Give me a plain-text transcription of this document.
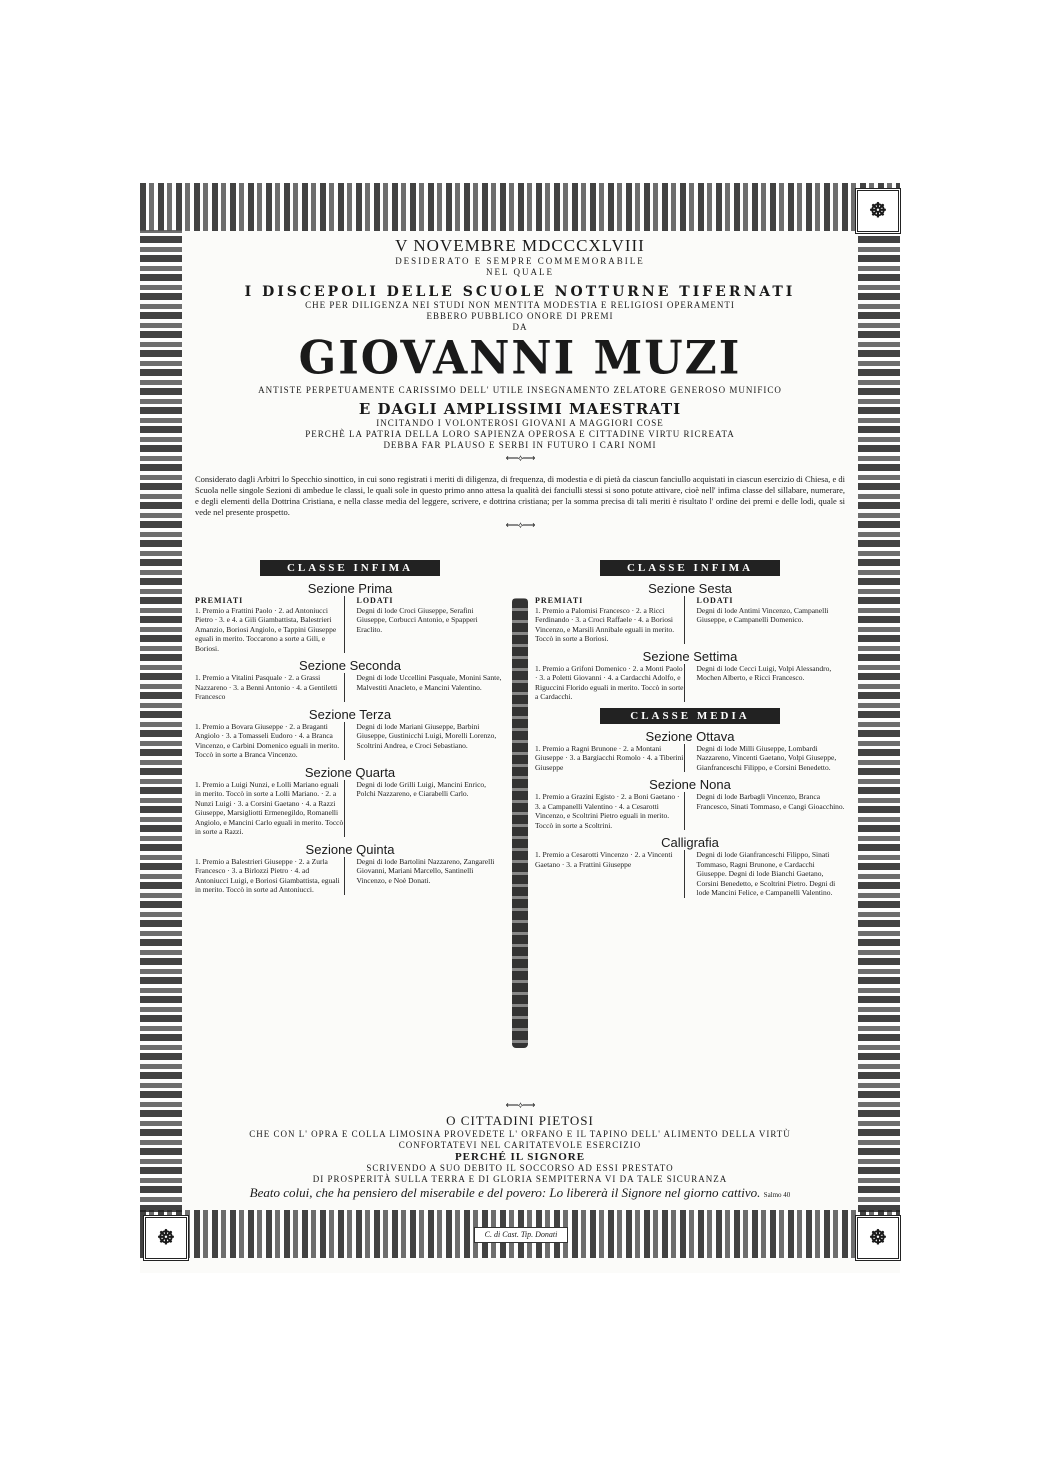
☸
☸	☸
V NOVEMBRE MDCCCXLVIII
DESIDERATO E SEMPRE COMMEMORABILE
NEL QUALE
I DISCEPOLI DELLE SCUOLE NOTTURNE TIFERNATI
CHE PER DILIGENZA NEI STUDI NON MENTITA MODESTIA E RELIGIOSI OPERAMENTI
EBBERO PUBBLICO ONORE DI PREMI
DA
GIOVANNI MUZI
ANTISTE PERPETUAMENTE CARISSIMO DELL' UTILE INSEGNAMENTO ZELATORE GENEROSO MUNIFICO
E DAGLI AMPLISSIMI MAESTRATI
INCITANDO I VOLONTEROSI GIOVANI A MAGGIORI COSE
PERCHÈ LA PATRIA DELLA LORO SAPIENZA OPEROSA E CITTADINE VIRTU RICREATA
DEBBA FAR PLAUSO E SERBI IN FUTURO I CARI NOMI
⟵⟡⟶
Considerato dagli Arbitri lo Specchio sinottico, in cui sono registrati i meriti di diligenza, di frequenza, di modestia e di pietà da ciascun fanciullo acquistati in ciascun esercizio di Chiesa, e di Scuola nelle singole Sezioni di ambedue le classi, le quali sole in questo primo anno attesa la qualità dei fanciulli stessi si sono potute attivare, cioè nell' infima classe del sillabare, numerare, e degli elementi della Dottrina Cristiana, e nella classe media del leggere, scrivere, e dottrina cristiana; per la somma precisa di tali meriti è risultato l' ordine dei premi e delle lodi, quale si vede nel presente prospetto.
⟵⟡⟶
CLASSE INFIMA
Sezione Prima
PREMIATI
1. Premio a Frattini Paolo · 2. ad Antoniucci Pietro · 3. e 4. a Gili Giambattista, Balestrieri Amanzio, Boriosi Angiolo, e Tappini Giuseppe eguali in merito. Toccarono a sorte a Gili, e Boriosi.
LODATI
Degni di lode Croci Giuseppe, Serafini Giuseppe, Corbucci Antonio, e Spapperi Eraclito.
Sezione Seconda
1. Premio a Vitalini Pasquale · 2. a Grassi Nazzareno · 3. a Benni Antonio · 4. a Gentiletti Francesco
Degni di lode Uccellini Pasquale, Monini Sante, Malvestiti Anacleto, e Mancini Valentino.
Sezione Terza
1. Premio a Bovara Giuseppe · 2. a Braganti Angiolo · 3. a Tomasseli Eudoro · 4. a Branca Vincenzo, e Carbini Domenico eguali in merito. Toccò in sorte a Branca Vincenzo.
Degni di lode Mariani Giuseppe, Barbini Giuseppe, Gustinicchi Luigi, Morelli Lorenzo, Scoltrini Andrea, e Croci Sebastiano.
Sezione Quarta
1. Premio a Luigi Nunzi, e Lolli Mariano eguali in merito. Toccò in sorte a Lolli Mariano. · 2. a Nunzi Luigi · 3. a Corsini Gaetano · 4. a Razzi Giuseppe, Marsigliotti Ermenegildo, Romanelli Angiolo, e Mancini Carlo eguali in merito. Toccò in sorte a Razzi.
Degni di lode Grilli Luigi, Mancini Enrico, Polchi Nazzareno, e Ciarabelli Carlo.
Sezione Quinta
1. Premio a Balestrieri Giuseppe · 2. a Zurla Francesco · 3. a Birlozzi Pietro · 4. ad Antoniucci Luigi, e Boriosi Giambattista, eguali in merito. Toccò in sorte ad Antoniucci.
Degni di lode Bartolini Nazzareno, Zangarelli Giovanni, Mariani Marcello, Santinelli Vincenzo, e Noè Donati.
CLASSE INFIMA
Sezione Sesta
PREMIATI
1. Premio a Palomisi Francesco · 2. a Ricci Ferdinando · 3. a Croci Raffaele · 4. a Boriosi Vincenzo, e Marsili Annibale eguali in merito. Toccò in sorte a Boriosi.
LODATI
Degni di lode Antimi Vincenzo, Campanelli Giuseppe, e Campanelli Domenico.
Sezione Settima
1. Premio a Grifoni Domenico · 2. a Monti Paolo · 3. a Poletti Giovanni · 4. a Cardacchi Adolfo, e Riguccini Florido eguali in merito. Toccò in sorte a Cardacchi.
Degni di lode Cecci Luigi, Volpi Alessandro, Mochen Alberto, e Ricci Francesco.
CLASSE MEDIA
Sezione Ottava
1. Premio a Ragni Brunone · 2. a Montani Giuseppe · 3. a Bargiacchi Romolo · 4. a Tiberini Giuseppe
Degni di lode Milli Giuseppe, Lombardi Nazzareno, Vincenti Gaetano, Volpi Giuseppe, Gianfranceschi Filippo, e Corsini Benedetto.
Sezione Nona
1. Premio a Grazini Egisto · 2. a Boni Gaetano · 3. a Campanelli Valentino · 4. a Cesarotti Vincenzo, e Scoltrini Pietro eguali in merito. Toccò in sorte a Scoltrini.
Degni di lode Barbagli Vincenzo, Branca Francesco, Sinati Tommaso, e Cangi Gioacchino.
Calligrafia
1. Premio a Cesarotti Vincenzo · 2. a Vincenti Gaetano · 3. a Frattini Giuseppe
Degni di lode Gianfranceschi Filippo, Sinati Tommaso, Ragni Brunone, e Cardacchi Giuseppe. Degni di lode Bianchi Gaetano, Corsini Benedetto, e Scoltrini Pietro. Degni di lode Mancini Felice, e Campanelli Valentino.
⟵⟡⟶
O CITTADINI PIETOSI
CHE CON L' OPRA E COLLA LIMOSINA PROVEDETE L' ORFANO E IL TAPINO DELL' ALIMENTO DELLA VIRTÙ
CONFORTATEVI NEL CARITATEVOLE ESERCIZIO
PERCHÉ IL SIGNORE
SCRIVENDO A SUO DEBITO IL SOCCORSO AD ESSI PRESTATO
DI PROSPERITÀ SULLA TERRA E DI GLORIA SEMPITERNA VI DA TALE SICURANZA
Beato colui, che ha pensiero del miserabile e del povero: Lo libererà il Signore nel giorno cattivo. Salmo 40
C. di Cast. Tip. Donati
